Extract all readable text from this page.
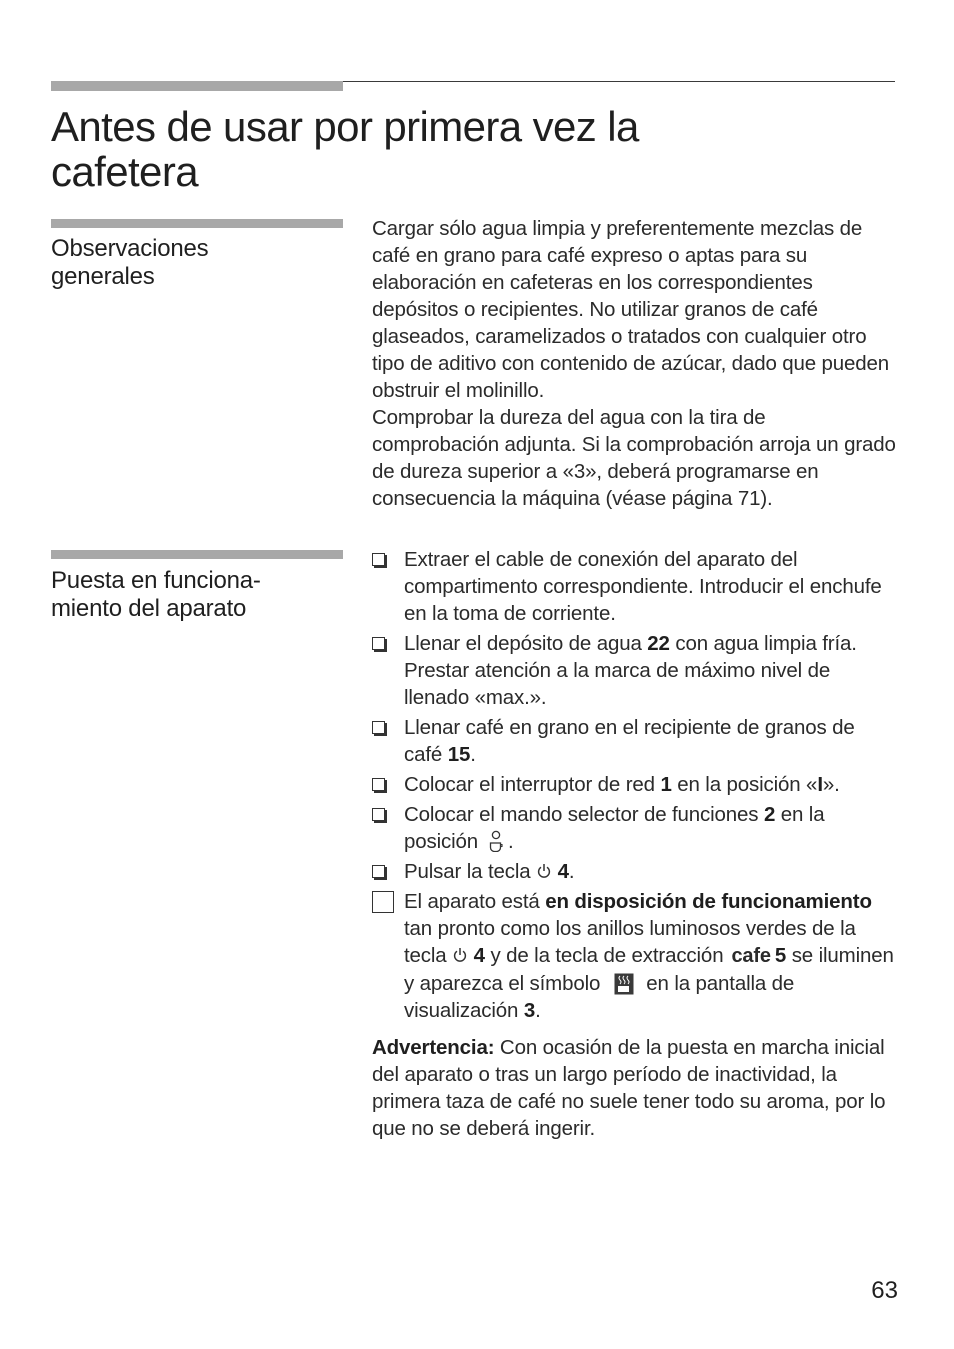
Antes de usar por primera vez la cafetera
Observaciones
generales

Cargar sólo agua limpia y preferentemente mezclas de café en grano para café expreso o aptas para su elaboración en cafeteras en los correspondientes depósitos o recipientes. No utilizar granos de café glaseados, caramelizados o tratados con cualquier otro tipo de aditivo con contenido de azúcar, dado que pueden obstruir el molinillo.

Comprobar la dureza del agua con la tira de comprobación adjunta. Si la comprobación arroja un grado de dureza superior a «3», deberá programarse en consecuencia la máquina (véase página 71).

Puesta en funciona-
miento del aparato
Extraer el cable de conexión del aparato del compartimento correspondiente. Introducir el enchufe en la toma de corriente.
Llenar el depósito de agua 22 con agua limpia fría. Prestar atención a la marca de máximo nivel de llenado «max.».
Llenar café en grano en el recipiente de granos de café 15.
Colocar el interruptor de red 1 en la posición «I».
Colocar el mando selector de funciones 2 en la posición .
Pulsar la tecla 4.
El aparato está en disposición de funcionamiento tan pronto como los anillos luminosos verdes de la tecla 4 y de la tecla de extracción cafe 5 se iluminen y aparezca el símbolo en la pantalla de visualización 3.

Advertencia: Con ocasión de la puesta en marcha inicial del aparato o tras un largo período de inactividad, la primera taza de café no suele tener todo su aroma, por lo que no se deberá ingerir.

63
